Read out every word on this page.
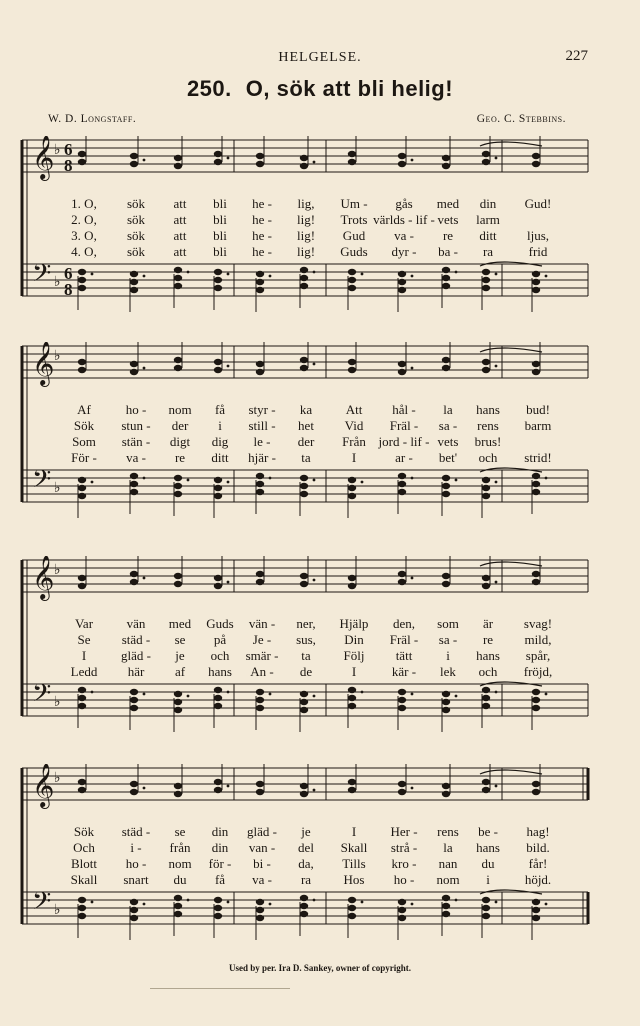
HELGELSE.	227
250. O, sök att bli helig!
W. D. Longstaff.	Geo. C. Stebbins.
𝄞
𝄢
♭
♭
6
8
6
8
1. O, sök att bli he - lig, Um - gås med din Gud!
2. O, sök att bli he - lig! Trots världs - lif - vets larm
3. O, sök att bli he - lig! Gud va - re ditt ljus,
4. O, sök att bli he - lig! Guds dyr - ba - ra	frid
𝄞
𝄢
♭
♭
Af	ho - nom få styr - ka	Att hål - la hans bud!
Sök stun - der i still - het Vid Fräl - sa - rens barm
Som stän - digt dig le - der Från jord - lif - vets brus!
För - va - re ditt hjär - ta	I	ar - bet' och strid!
𝄞
𝄢
♭
♭
Var	vän med Guds vän - ner, Hjälp den, som är svag!
Se städ - se på Je - sus, Din Fräl - sa - re mild,
I	gläd - je och smär - ta	Följ tätt	i hans spår,
Ledd här af hans An - de	I	kär - lek och fröjd,
𝄞
𝄢
♭
♭
Sök städ - se din gläd - je	I	Her - rens be - hag!
Och	i - från din van - del Skall strå - la hans bild.
Blott ho - nom för - bi - da, Tills kro - nan du	får!
Skall snart du få va - ra Hos ho - nom i	höjd.
Used by per. Ira D. Sankey, owner of copyright.
